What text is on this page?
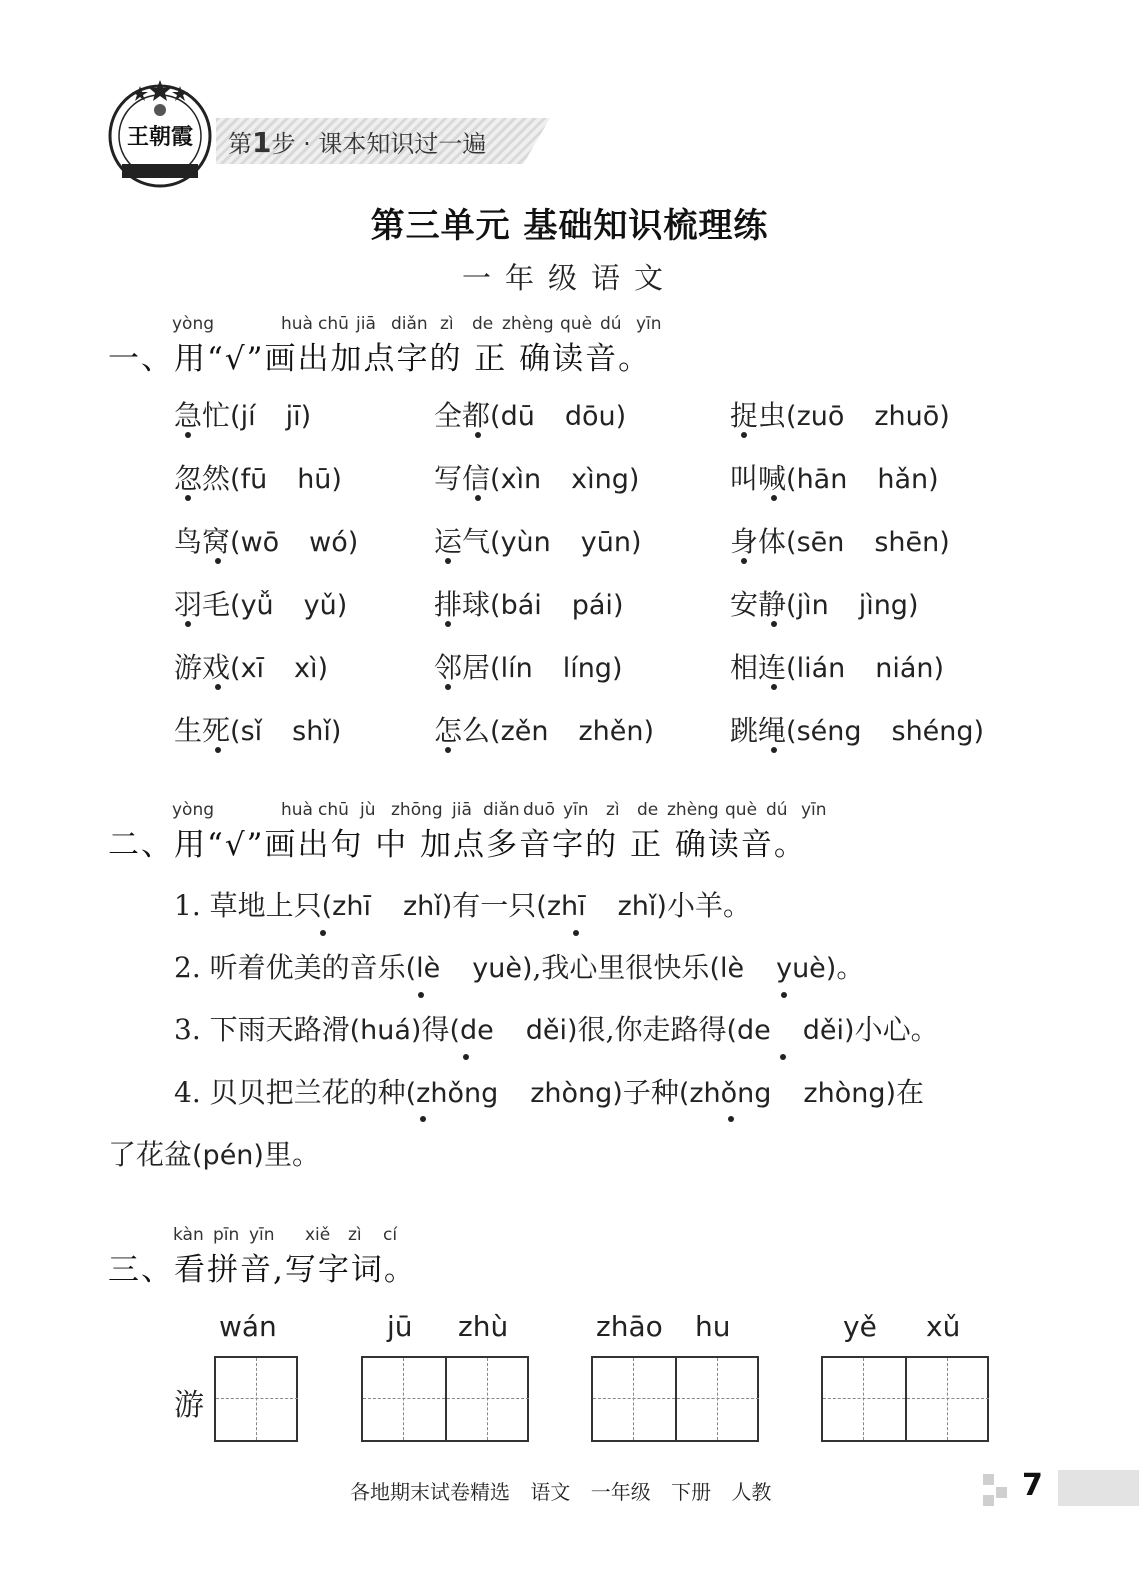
王朝霞 第1步 · 课本知识过一遍
第三单元 基础知识梳理练
一年级语文
yòng	huà chū jiā diǎn zì de zhèng què dú yīn
一、用“√”画出加点字的 正 确读音。
急忙(jí jī)	全都(dū dōu)	捉虫(zuō zhuō)
忽然(fū hū)	写信(xìn xìng)	叫喊(hān hǎn)
鸟窝(wō wó)	运气(yùn yūn)	身体(sēn shēn)
羽毛(yǚ yǔ)	排球(bái pái)	安静(jìn jìng)
游戏(xī xì)	邻居(lín líng)	相连(lián nián)
生死(sǐ shǐ)	怎么(zěn zhěn)	跳绳(séng shéng)
yòng	huà chū jù zhōng jiā diǎn duō yīn zì de zhèng què dú yīn
二、用“√”画出句 中 加点多音字的 正 确读音。
1. 草地上只(zhī zhǐ)有一只(zhī zhǐ)小羊。
2. 听着优美的音乐(lè yuè),我心里很快乐(lè yuè)。
3. 下雨天路滑(huá)得(de děi)很,你走路得(de děi)小心。
4. 贝贝把兰花的种(zhǒng zhòng)子种(zhǒng zhòng)在
了花盆(pén)里。
kàn pīn yīn xiě zì cí
三、看拼音,写字词。
wán
游
jū zhù	zhāo hu	yě xǔ
各地期末试卷精选 语文 一年级 下册 人教	7
